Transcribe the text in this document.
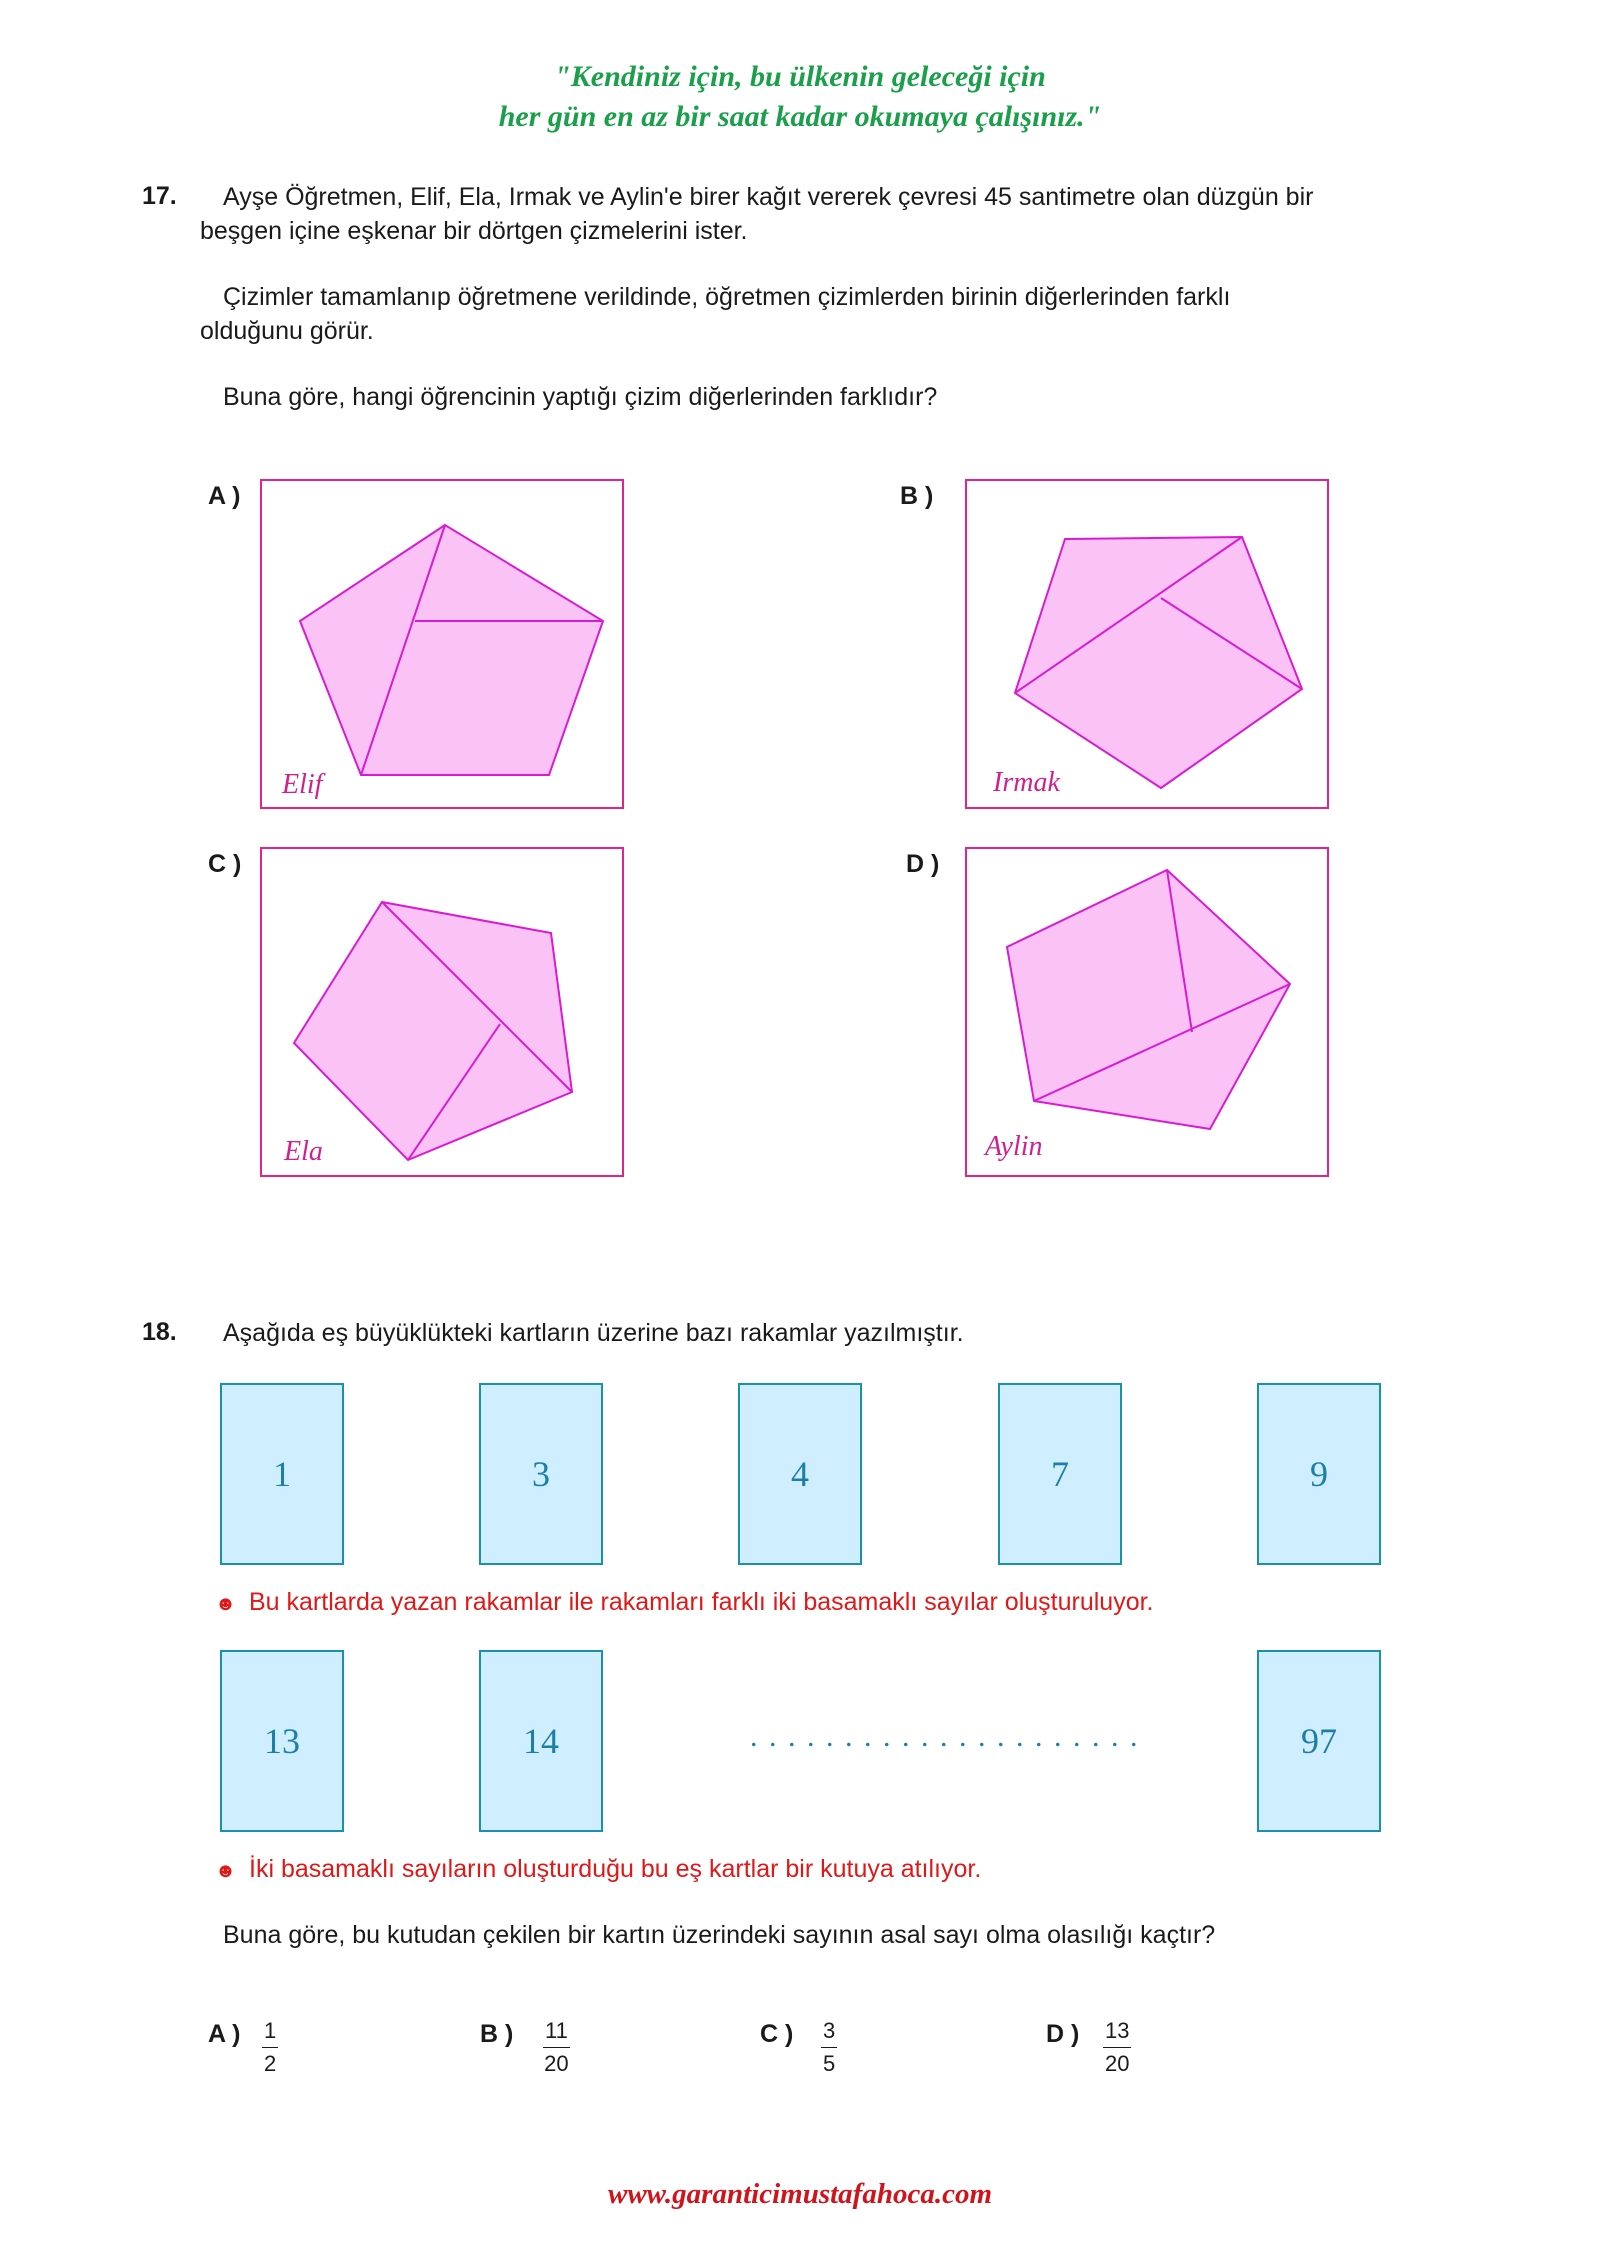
"Kendiniz için, bu ülkenin geleceği için
her gün en az bir saat kadar okumaya çalışınız."
17. Ayşe Öğretmen, Elif, Ela, Irmak ve Aylin'e birer kağıt vererek çevresi 45 santimetre olan düzgün bir
beşgen içine eşkenar bir dörtgen çizmelerini ister.
Çizimler tamamlanıp öğretmene verildinde, öğretmen çizimlerden birinin diğerlerinden farklı
olduğunu görür.
Buna göre, hangi öğrencinin yaptığı çizim diğerlerinden farklıdır?
A )
Elif
B )
Irmak
C )
Ela
D )
Aylin
18. Aşağıda eş büyüklükteki kartların üzerine bazı rakamlar yazılmıştır.
1	3	4	7	9
☻ Bu kartlarda yazan rakamlar ile rakamları farklı iki basamaklı sayılar oluşturuluyor.
13	14	. . . . . . . . . . . . . . . . . . . . .	97
☻ İki basamaklı sayıların oluşturduğu bu eş kartlar bir kutuya atılıyor.
Buna göre, bu kutudan çekilen bir kartın üzerindeki sayının asal sayı olma olasılığı kaçtır?
A ) $\frac{1}{2}$	B ) $\frac{11}{20}$	C ) $\frac{3}{5}$	D ) $\frac{13}{20}$
www.garanticimustafahoca.com
